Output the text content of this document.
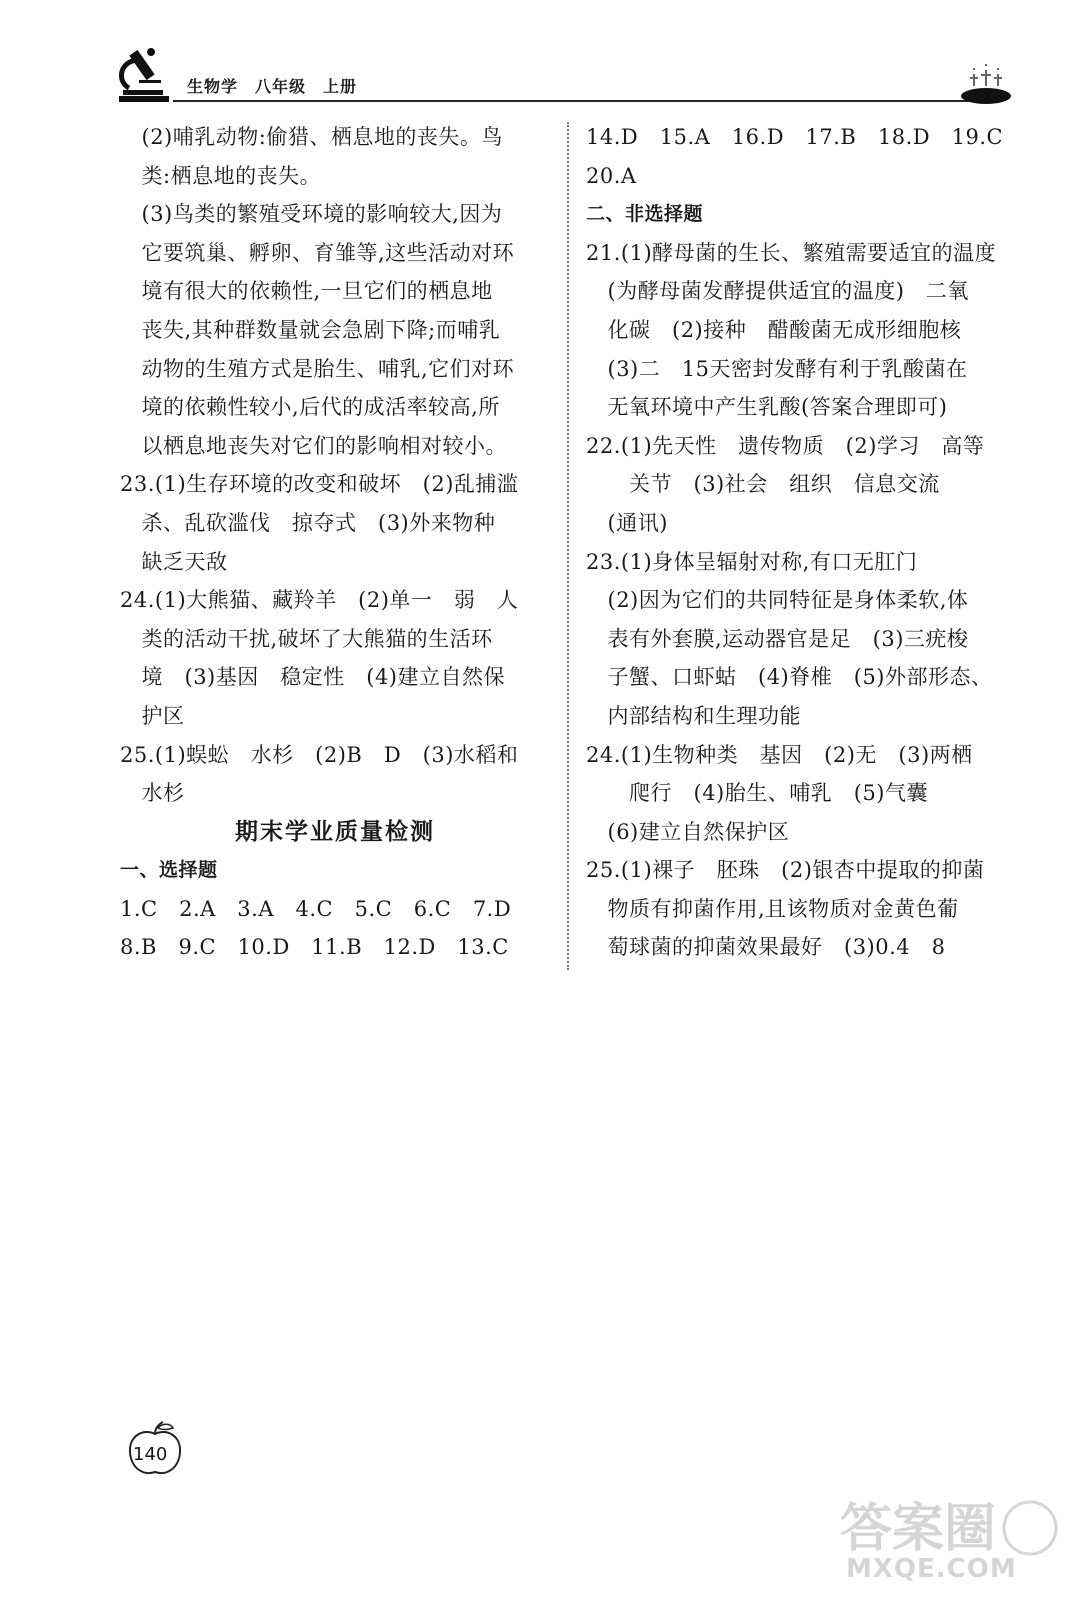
生物学　八年级　上册
　(2)哺乳动物:偷猎、栖息地的丧失。鸟
　类:栖息地的丧失。
　(3)鸟类的繁殖受环境的影响较大,因为
　它要筑巢、孵卵、育雏等,这些活动对环
　境有很大的依赖性,一旦它们的栖息地
　丧失,其种群数量就会急剧下降;而哺乳
　动物的生殖方式是胎生、哺乳,它们对环
　境的依赖性较小,后代的成活率较高,所
　以栖息地丧失对它们的影响相对较小。
23.(1)生存环境的改变和破坏　(2)乱捕滥
　杀、乱砍滥伐　掠夺式　(3)外来物种
　缺乏天敌
24.(1)大熊猫、藏羚羊　(2)单一　弱　人
　类的活动干扰,破坏了大熊猫的生活环
　境　(3)基因　稳定性　(4)建立自然保
　护区
25.(1)蜈蚣　水杉　(2)B　D　(3)水稻和
　水杉
期末学业质量检测
一、选择题
1.C　2.A　3.A　4.C　5.C　6.C　7.D
8.B　9.C　10.D　11.B　12.D　13.C
14.D　15.A　16.D　17.B　18.D　19.C
20.A
二、非选择题
21.(1)酵母菌的生长、繁殖需要适宜的温度
　(为酵母菌发酵提供适宜的温度)　二氧
　化碳　(2)接种　醋酸菌无成形细胞核
　(3)二　15天密封发酵有利于乳酸菌在
　无氧环境中产生乳酸(答案合理即可)
22.(1)先天性　遗传物质　(2)学习　高等
　　关节　(3)社会　组织　信息交流
　(通讯)
23.(1)身体呈辐射对称,有口无肛门
　(2)因为它们的共同特征是身体柔软,体
　表有外套膜,运动器官是足　(3)三疣梭
　子蟹、口虾蛄　(4)脊椎　(5)外部形态、
　内部结构和生理功能
24.(1)生物种类　基因　(2)无　(3)两栖
　　爬行　(4)胎生、哺乳　(5)气囊
　(6)建立自然保护区
25.(1)裸子　胚珠　(2)银杏中提取的抑菌
　物质有抑菌作用,且该物质对金黄色葡
　萄球菌的抑菌效果最好　(3)0.4　8
140
答案圈
MXQE.COM
